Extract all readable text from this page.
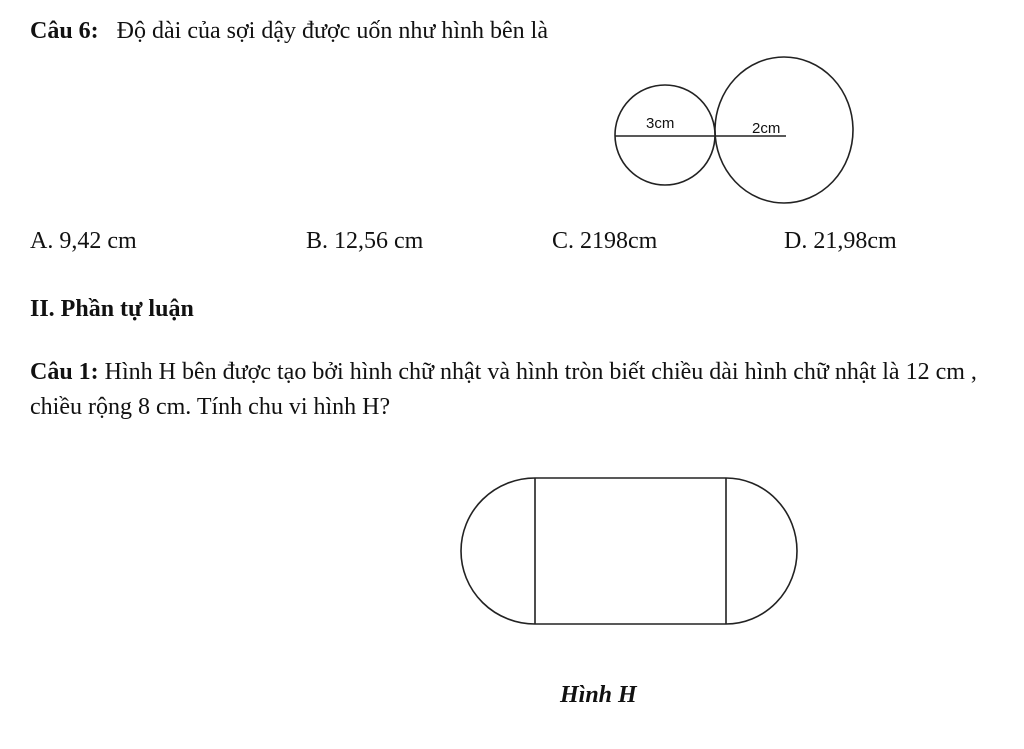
Câu 6: Độ dài của sợi dậy được uốn như hình bên là
3cm	2cm
A. 9,42 cm	B. 12,56 cm	C. 2198cm	D. 21,98cm
II. Phần tự luận
Câu 1: Hình H bên được tạo bởi hình chữ nhật và hình tròn biết chiều dài hình chữ nhật là 12 cm , chiều rộng 8 cm. Tính chu vi hình H?
Hình H
